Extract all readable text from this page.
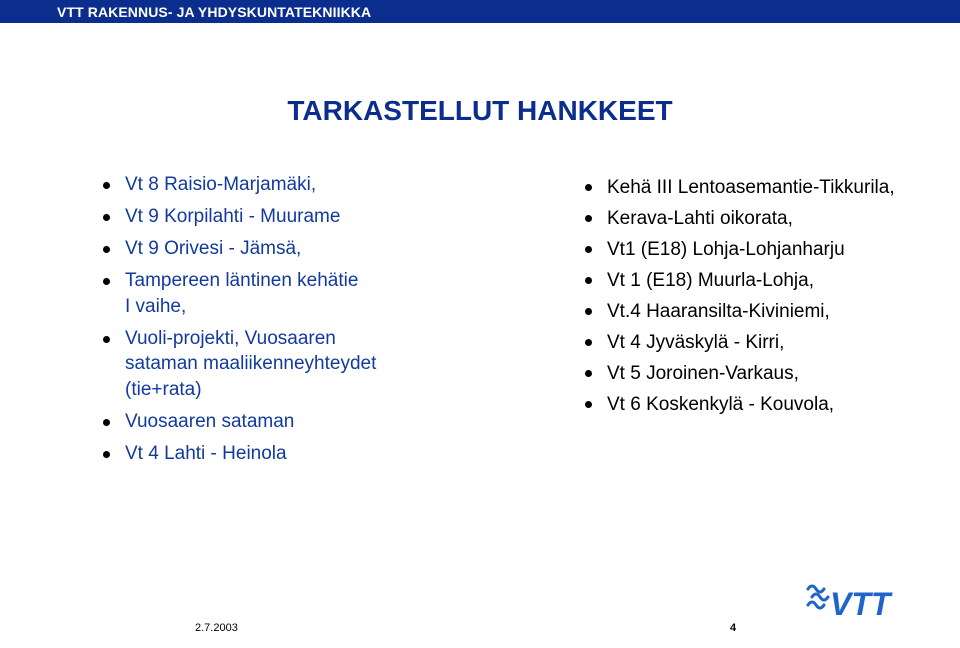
VTT RAKENNUS- JA YHDYSKUNTATEKNIIKKA
TARKASTELLUT HANKKEET
Vt 8 Raisio-Marjamäki,
Vt 9 Korpilahti - Muurame
Vt 9 Orivesi - Jämsä,
Tampereen läntinen kehätie
I vaihe,
Vuoli-projekti, Vuosaaren
sataman maaliikenneyhteydet
(tie+rata)
Vuosaaren sataman
Vt 4 Lahti - Heinola
Kehä III Lentoasemantie-Tikkurila,
Kerava-Lahti oikorata,
Vt1 (E18) Lohja-Lohjanharju
Vt 1 (E18) Muurla-Lohja,
Vt.4 Haaransilta-Kiviniemi,
Vt 4 Jyväskylä - Kirri,
Vt 5 Joroinen-Varkaus,
Vt 6 Koskenkylä - Kouvola,
2.7.2003	4
VTT
